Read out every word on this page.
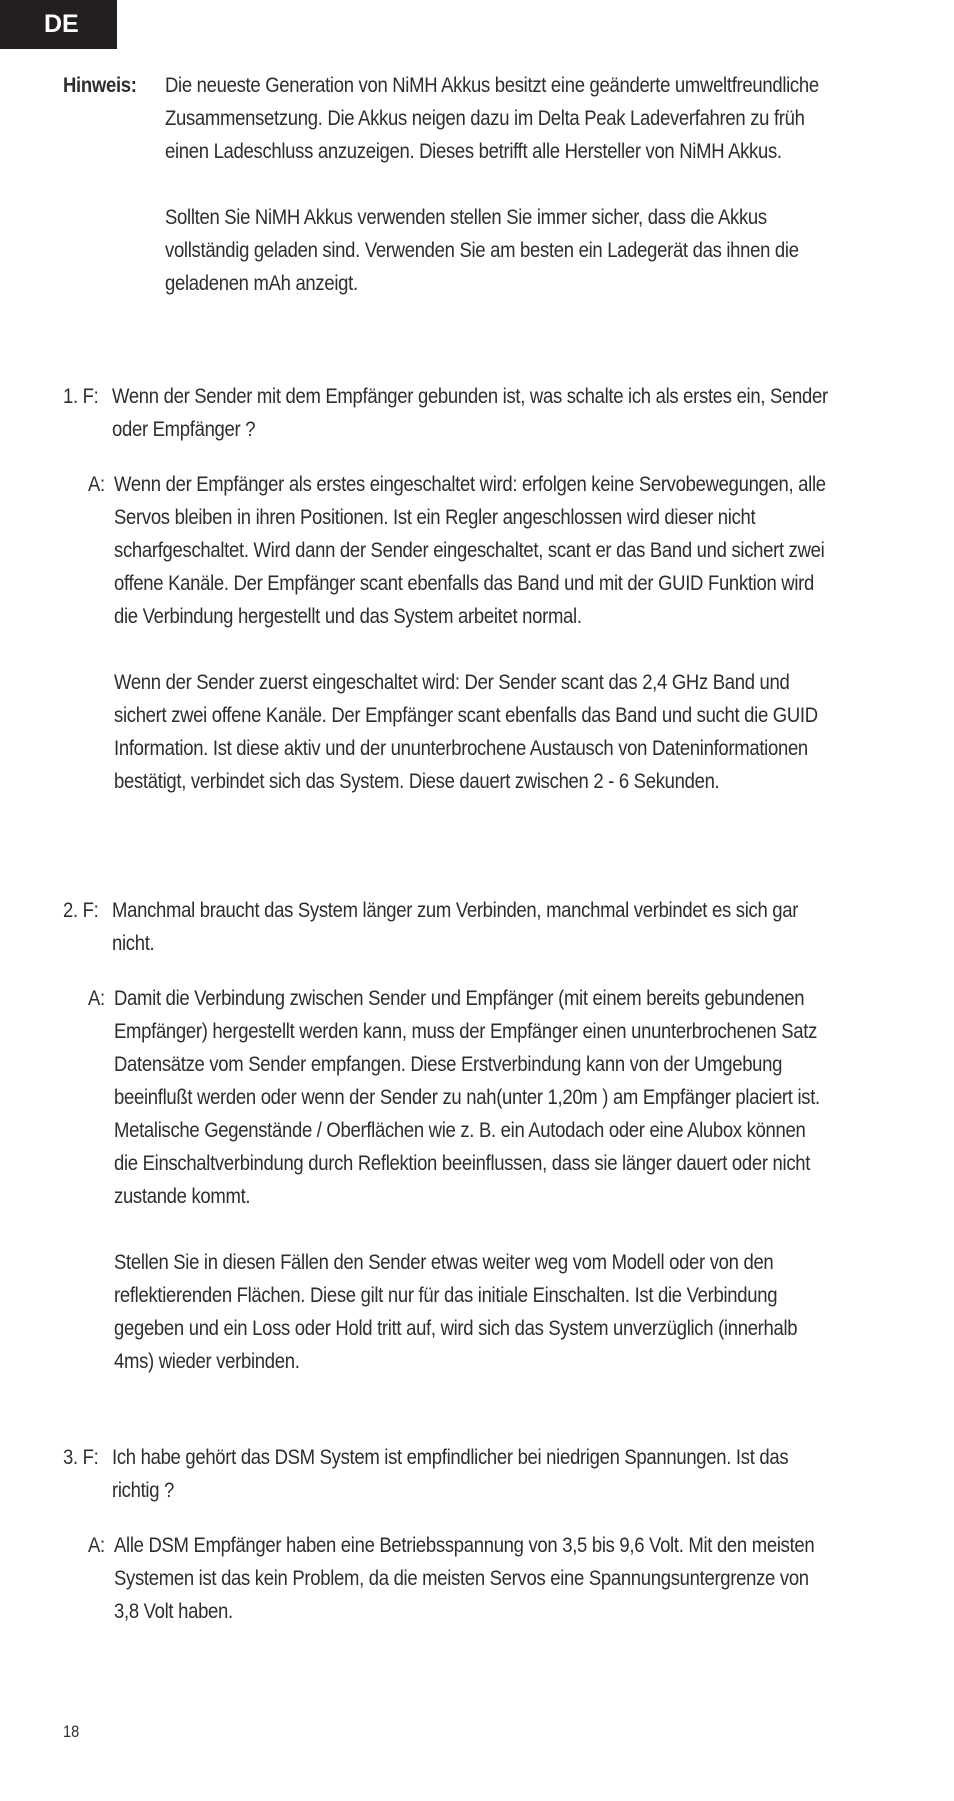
DE
Hinweis: Die neueste Generation von NiMH Akkus besitzt eine geänderte umweltfreundliche Zusammensetzung. Die Akkus neigen dazu im Delta Peak Ladeverfahren zu früh einen Ladeschluss anzuzeigen. Dieses betrifft alle Hersteller von NiMH Akkus.

Sollten Sie NiMH Akkus verwenden stellen Sie immer sicher, dass die Akkus vollständig geladen sind. Verwenden Sie am besten ein Ladegerät das ihnen die geladenen mAh anzeigt.

1. F: Wenn der Sender mit dem Empfänger gebunden ist, was schalte ich als erstes ein, Sender oder Empfänger ?
A: Wenn der Empfänger als erstes eingeschaltet wird: erfolgen keine Servobewegungen, alle Servos bleiben in ihren Positionen. Ist ein Regler angeschlossen wird dieser nicht scharfgeschaltet. Wird dann der Sender eingeschaltet, scant er das Band und sichert zwei offene Kanäle. Der Empfänger scant ebenfalls das Band und mit der GUID Funktion wird die Verbindung hergestellt und das System arbeitet normal.

Wenn der Sender zuerst eingeschaltet wird: Der Sender scant das 2,4 GHz Band und sichert zwei offene Kanäle. Der Empfänger scant ebenfalls das Band und sucht die GUID Information. Ist diese aktiv und der ununterbrochene Austausch von Dateninformationen bestätigt, verbindet sich das System. Diese dauert zwischen 2 - 6 Sekunden.

2. F: Manchmal braucht das System länger zum Verbinden, manchmal verbindet es sich gar nicht.
A: Damit die Verbindung zwischen Sender und Empfänger (mit einem bereits gebundenen Empfänger) hergestellt werden kann, muss der Empfänger einen ununterbrochenen Satz Datensätze vom Sender empfangen. Diese Erstverbindung kann von der Umgebung beeinflußt werden oder wenn der Sender zu nah(unter 1,20m ) am Empfänger placiert ist. Metalische Gegenstände / Oberflächen wie z. B. ein Autodach oder eine Alubox können die Einschaltverbindung durch Reflektion beeinflussen, dass sie länger dauert oder nicht zustande kommt.

Stellen Sie in diesen Fällen den Sender etwas weiter weg vom Modell oder von den reflektierenden Flächen. Diese gilt nur für das initiale Einschalten. Ist die Verbindung gegeben und ein Loss oder Hold tritt auf, wird sich das System unverzüglich (innerhalb 4ms) wieder verbinden.

3. F: Ich habe gehört das DSM System ist empfindlicher bei niedrigen Spannungen. Ist das richtig ?
A: Alle DSM Empfänger haben eine Betriebsspannung von 3,5 bis 9,6 Volt. Mit den meisten Systemen ist das kein Problem, da die meisten Servos eine Spannungsuntergrenze von 3,8 Volt haben.

18
